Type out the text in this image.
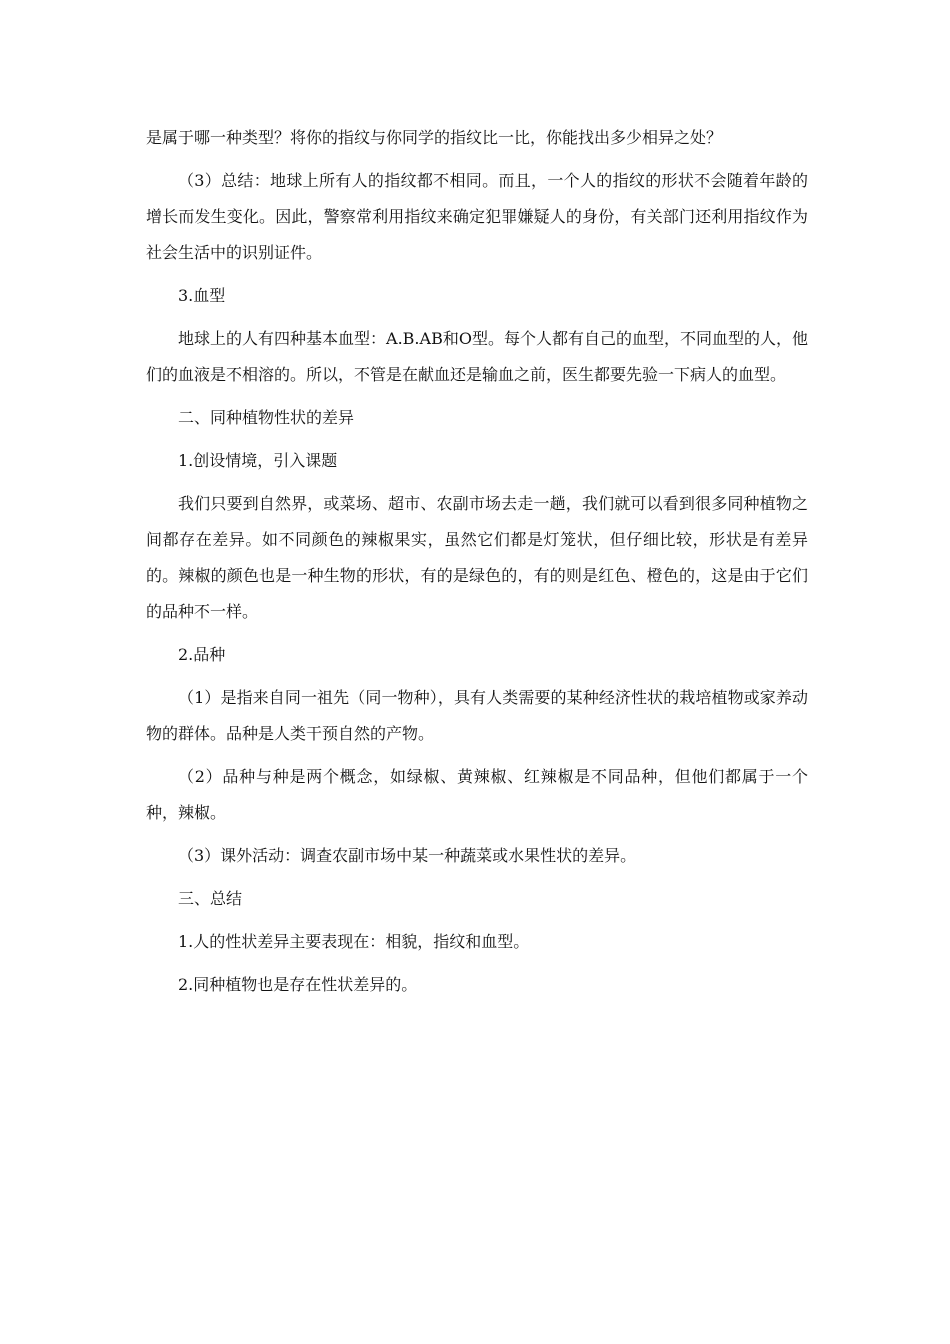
是属于哪一种类型？将你的指纹与你同学的指纹比一比，你能找出多少相异之处？

（3）总结：地球上所有人的指纹都不相同。而且，一个人的指纹的形状不会随着年龄的增长而发生变化。因此，警察常利用指纹来确定犯罪嫌疑人的身份，有关部门还利用指纹作为社会生活中的识别证件。

3.血型

地球上的人有四种基本血型：A.B.AB和O型。每个人都有自己的血型，不同血型的人，他们的血液是不相溶的。所以，不管是在献血还是输血之前，医生都要先验一下病人的血型。

二、同种植物性状的差异

1.创设情境，引入课题

我们只要到自然界，或菜场、超市、农副市场去走一趟，我们就可以看到很多同种植物之间都存在差异。如不同颜色的辣椒果实，虽然它们都是灯笼状，但仔细比较，形状是有差异的。辣椒的颜色也是一种生物的形状，有的是绿色的，有的则是红色、橙色的，这是由于它们的品种不一样。

2.品种

（1）是指来自同一祖先（同一物种），具有人类需要的某种经济性状的栽培植物或家养动物的群体。品种是人类干预自然的产物。

（2）品种与种是两个概念，如绿椒、黄辣椒、红辣椒是不同品种，但他们都属于一个种，辣椒。

（3）课外活动：调查农副市场中某一种蔬菜或水果性状的差异。

三、总结

1.人的性状差异主要表现在：相貌，指纹和血型。

2.同种植物也是存在性状差异的。
